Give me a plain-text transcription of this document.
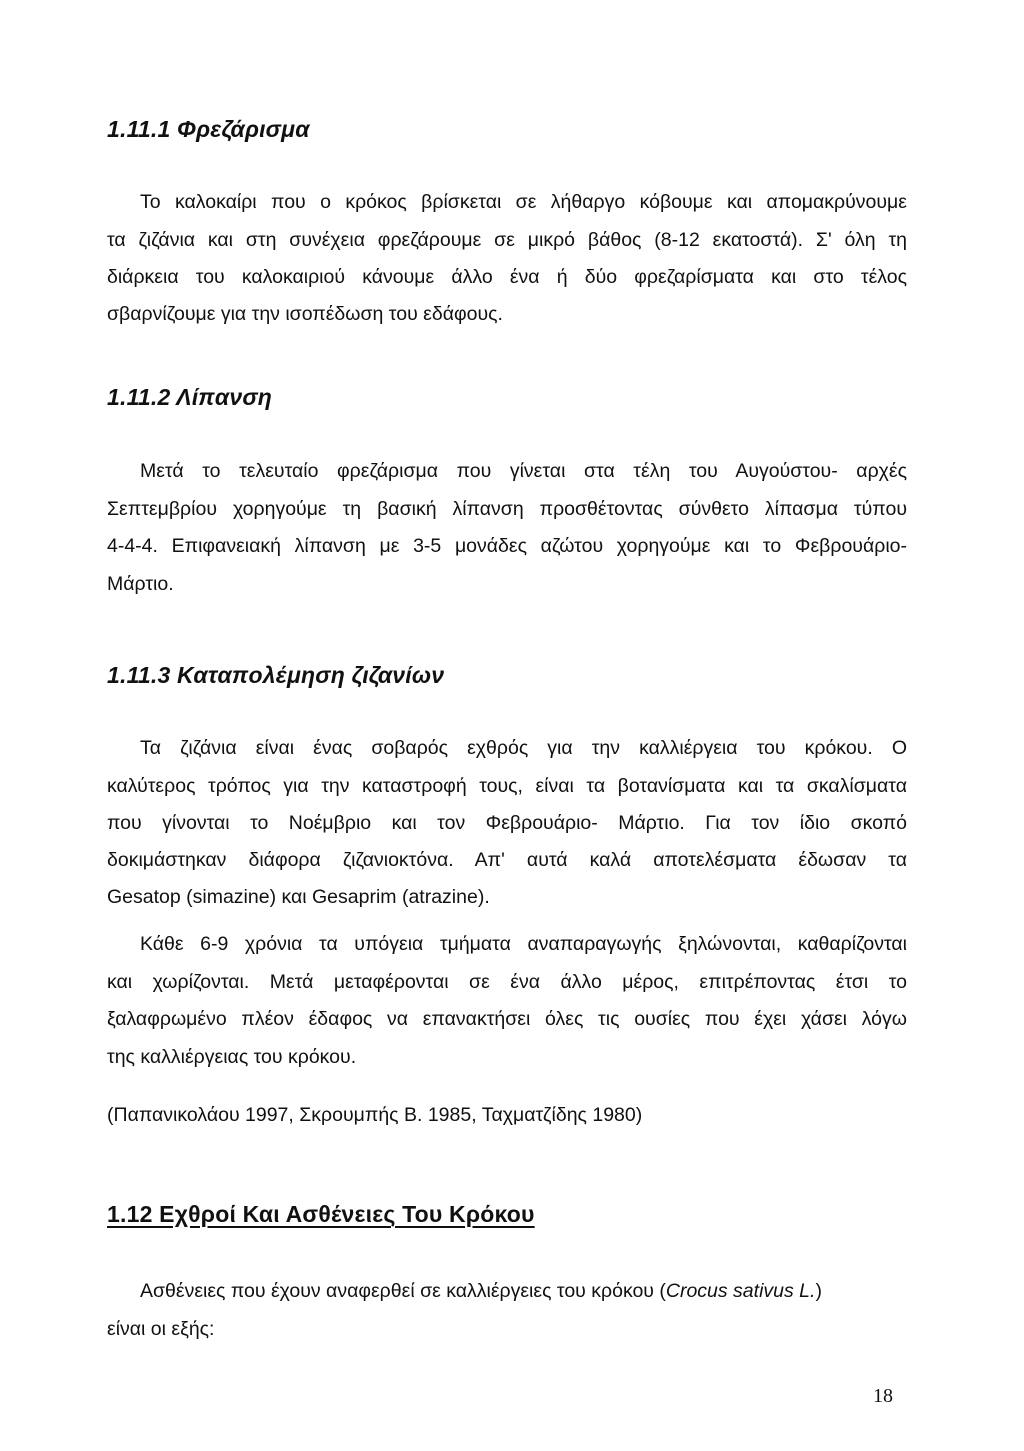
1.11.1 Φρεζάρισμα
Το καλοκαίρι που ο κρόκος βρίσκεται σε λήθαργο κόβουμε και απομακρύνουμε
τα ζιζάνια και στη συνέχεια φρεζάρουμε σε μικρό βάθος (8-12 εκατοστά). Σ' όλη τη
διάρκεια του καλοκαιριού κάνουμε άλλο ένα ή δύο φρεζαρίσματα και στο τέλος
σβαρνίζουμε για την ισοπέδωση του εδάφους.
1.11.2 Λίπανση
Μετά το τελευταίο φρεζάρισμα που γίνεται στα τέλη του Αυγούστου- αρχές
Σεπτεμβρίου χορηγούμε τη βασική λίπανση προσθέτοντας σύνθετο λίπασμα τύπου
4-4-4. Επιφανειακή λίπανση με 3-5 μονάδες αζώτου χορηγούμε και το Φεβρουάριο-
Μάρτιο.
1.11.3 Καταπολέμηση ζιζανίων
Τα ζιζάνια είναι ένας σοβαρός εχθρός για την καλλιέργεια του κρόκου. Ο
καλύτερος τρόπος για την καταστροφή τους, είναι τα βοτανίσματα και τα σκαλίσματα
που γίνονται το Νοέμβριο και τον Φεβρουάριο- Μάρτιο. Για τον ίδιο σκοπό
δοκιμάστηκαν διάφορα ζιζανιοκτόνα. Απ' αυτά καλά αποτελέσματα έδωσαν τα
Gesatop (simazine) και Gesaprim (atrazine).
Κάθε 6-9 χρόνια τα υπόγεια τμήματα αναπαραγωγής ξηλώνονται, καθαρίζονται
και χωρίζονται. Μετά μεταφέρονται σε ένα άλλο μέρος, επιτρέποντας έτσι το
ξαλαφρωμένο πλέον έδαφος να επανακτήσει όλες τις ουσίες που έχει χάσει λόγω
της καλλιέργειας του κρόκου.
(Παπανικολάου 1997, Σκρουμπής Β. 1985, Ταχματζίδης 1980)
1.12 Εχθροί Και Ασθένειες Του Κρόκου
Ασθένειες που έχουν αναφερθεί σε καλλιέργειες του κρόκου (Crocus sativus L.)
είναι οι εξής:
18
